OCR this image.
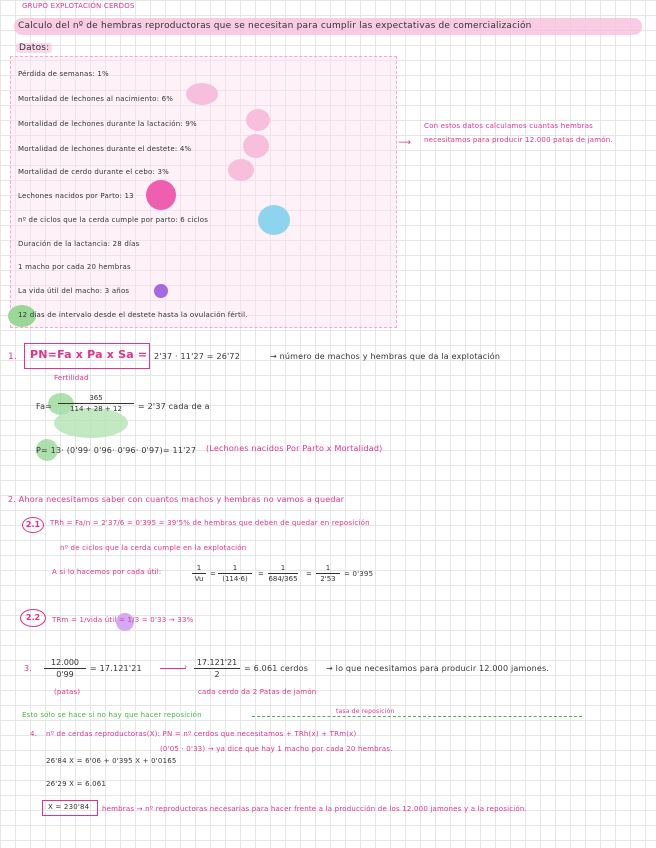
GRUPO EXPLOTACIÓN CERDOS
Calculo del nº de hembras reproductoras que se necesitan para cumplir las expectativas de comercialización
Datos:
Pérdida de semanas: 1%
Mortalidad de lechones al nacimiento: 6%
Mortalidad de lechones durante la lactación: 9%
Mortalidad de lechones durante el destete: 4%
Mortalidad de cerdo durante el cebo: 3%
Lechones nacidos por Parto: 13
nº de ciclos que la cerda cumple por parto: 6 ciclos
Duración de la lactancia: 28 días
1 macho por cada 20 hembras
La vida útil del macho: 3 años
12 días de intervalo desde el destete hasta la ovulación fértil.
⟶
Con estos datos calculamos cuantas hembras necesitamos para producir 12.000 patas de jamón.
1. PN=Fa x Pa x Sa =
Fertilidad
2'37 · 11'27 = 26'72	→ número de machos y hembras que da la explotación
Fa=
365
114 + 28 + 12	= 2'37 cada de a
P= 13· (0'99· 0'96· 0'96· 0'97)= 11'27 (Lechones nacidos Por Parto x Mortalidad)
2. Ahora necesitamos saber con cuantos machos y hembras no vamos a quedar
2.1	TRh = Fa/n = 2'37/6 = 0'395 = 39'5% de hembras que deben de quedar en reposición
nº de ciclos que la cerda cumple en la explotación
A si lo hacemos por cada útil:	1
Vu
=
1
(114·6)
=
1
684/365
=
1
2'53
= 0'395
2.2	TRm = 1/vida útil = 1/3 = 0'33 → 33%
3.
12.000
0'99
(patas)
= 17.121'21	›	17.121'21
2
= 6.061 cerdos → lo que necesitamos para producir 12.000 jamones.
cada cerdo da 2 Patas de jamón
Esto sólo se hace si no hay que hacer reposición	tasa de reposición
4. nº de cerdas reproductoras(X): PN = nº cerdos que necesitamos + TRh(x) + TRm(x)
(0'05 · 0'33) → ya dice que hay 1 macho por cada 20 hembras.
26'84 X = 6'06 + 0'395 X + 0'0165
26'29 X = 6.061
X = 230'84 hembras → nº reproductoras necesarias para hacer frente a la producción de los 12.000 jamones y a la reposición.
